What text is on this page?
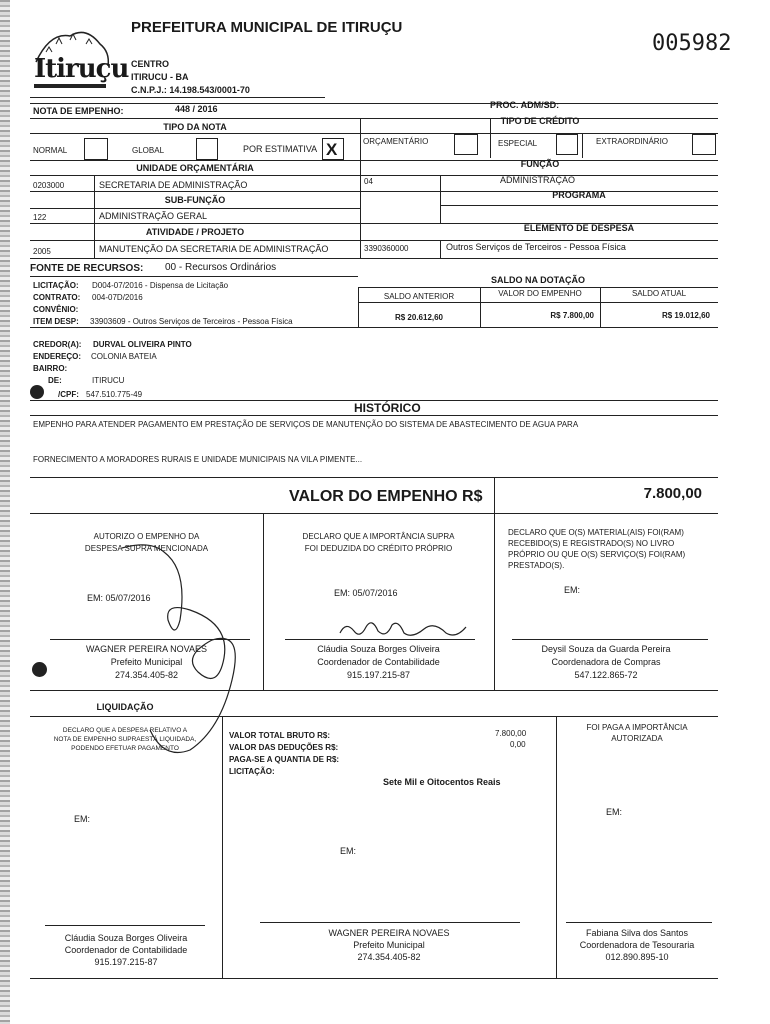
Itiruçu
PREFEITURA MUNICIPAL DE ITIRUÇU
CENTRO
ITIRUCU - BA
C.N.P.J.: 14.198.543/0001-70
005982
NOTA DE EMPENHO:	448 / 2016	PROC. ADM/SD:
TIPO DA NOTA
TIPO DE CRÉDITO
NORMAL	GLOBAL	POR ESTIMATIVA X	ORÇAMENTÁRIO	ESPECIAL	EXTRAORDINÁRIO
UNIDADE ORÇAMENTÁRIA	FUNÇÃO
0203000	SECRETARIA DE ADMINISTRAÇÃO	04	ADMINISTRAÇÃO
SUB-FUNÇÃO	PROGRAMA
122	ADMINISTRAÇÃO GERAL
ATIVIDADE / PROJETO	ELEMENTO DE DESPESA
2005	MANUTENÇÃO DA SECRETARIA DE ADMINISTRAÇÃO	3390360000	Outros Serviços de Terceiros - Pessoa Física
FONTE DE RECURSOS: 00 - Recursos Ordinários
SALDO NA DOTAÇÃO
SALDO ANTERIOR	VALOR DO EMPENHO	SALDO ATUAL
R$ 20.612,60	R$ 7.800,00	R$ 19.012,60
LICITAÇÃO: D004-07/2016 - Dispensa de Licitação
CONTRATO: 004-07D/2016
CONVÊNIO:
ITEM DESP: 33903609 - Outros Serviços de Terceiros - Pessoa Física
CREDOR(A): DURVAL OLIVEIRA PINTO
ENDEREÇO: COLONIA BATEIA
BAIRRO:
DE:	ITIRUCU
/CPF: 547.510.775-49
HISTÓRICO
EMPENHO PARA ATENDER PAGAMENTO EM PRESTAÇÃO DE SERVIÇOS DE MANUTENÇÃO DO SISTEMA DE ABASTECIMENTO DE AGUA PARA
FORNECIMENTO A MORADORES RURAIS E UNIDADE MUNICIPAIS NA VILA PIMENTE...
VALOR DO EMPENHO R$	7.800,00
AUTORIZO O EMPENHO DA
DESPESA SUPRA MENCIONADA
EM: 05/07/2016
WAGNER PEREIRA NOVAES
Prefeito Municipal
274.354.405-82
DECLARO QUE A IMPORTÂNCIA SUPRA
FOI DEDUZIDA DO CRÉDITO PRÓPRIO
EM: 05/07/2016
Cláudia Souza Borges Oliveira
Coordenador de Contabilidade
915.197.215-87
DECLARO QUE O(S) MATERIAL(AIS) FOI(RAM)
RECEBIDO(S) E REGISTRADO(S) NO LIVRO
PRÓPRIO OU QUE O(S) SERVIÇO(S) FOI(RAM)
PRESTADO(S).
EM:
Deysil Souza da Guarda Pereira
Coordenadora de Compras
547.122.865-72
LIQUIDAÇÃO
DECLARO QUE A DESPESA RELATIVO A
NOTA DE EMPENHO SUPRAESTÁ LIQUIDADA,
PODENDO EFETUAR PAGAMENTO
EM:
VALOR TOTAL BRUTO R$:	7.800,00
VALOR DAS DEDUÇÕES R$:	0,00
PAGA-SE A QUANTIA DE R$:
LICITAÇÃO:
Sete Mil e Oitocentos Reais
EM:
FOI PAGA A IMPORTÂNCIA
AUTORIZADA
EM:
Cláudia Souza Borges Oliveira
Coordenador de Contabilidade
915.197.215-87
WAGNER PEREIRA NOVAES
Prefeito Municipal
274.354.405-82
Fabiana Silva dos Santos
Coordenadora de Tesouraria
012.890.895-10
